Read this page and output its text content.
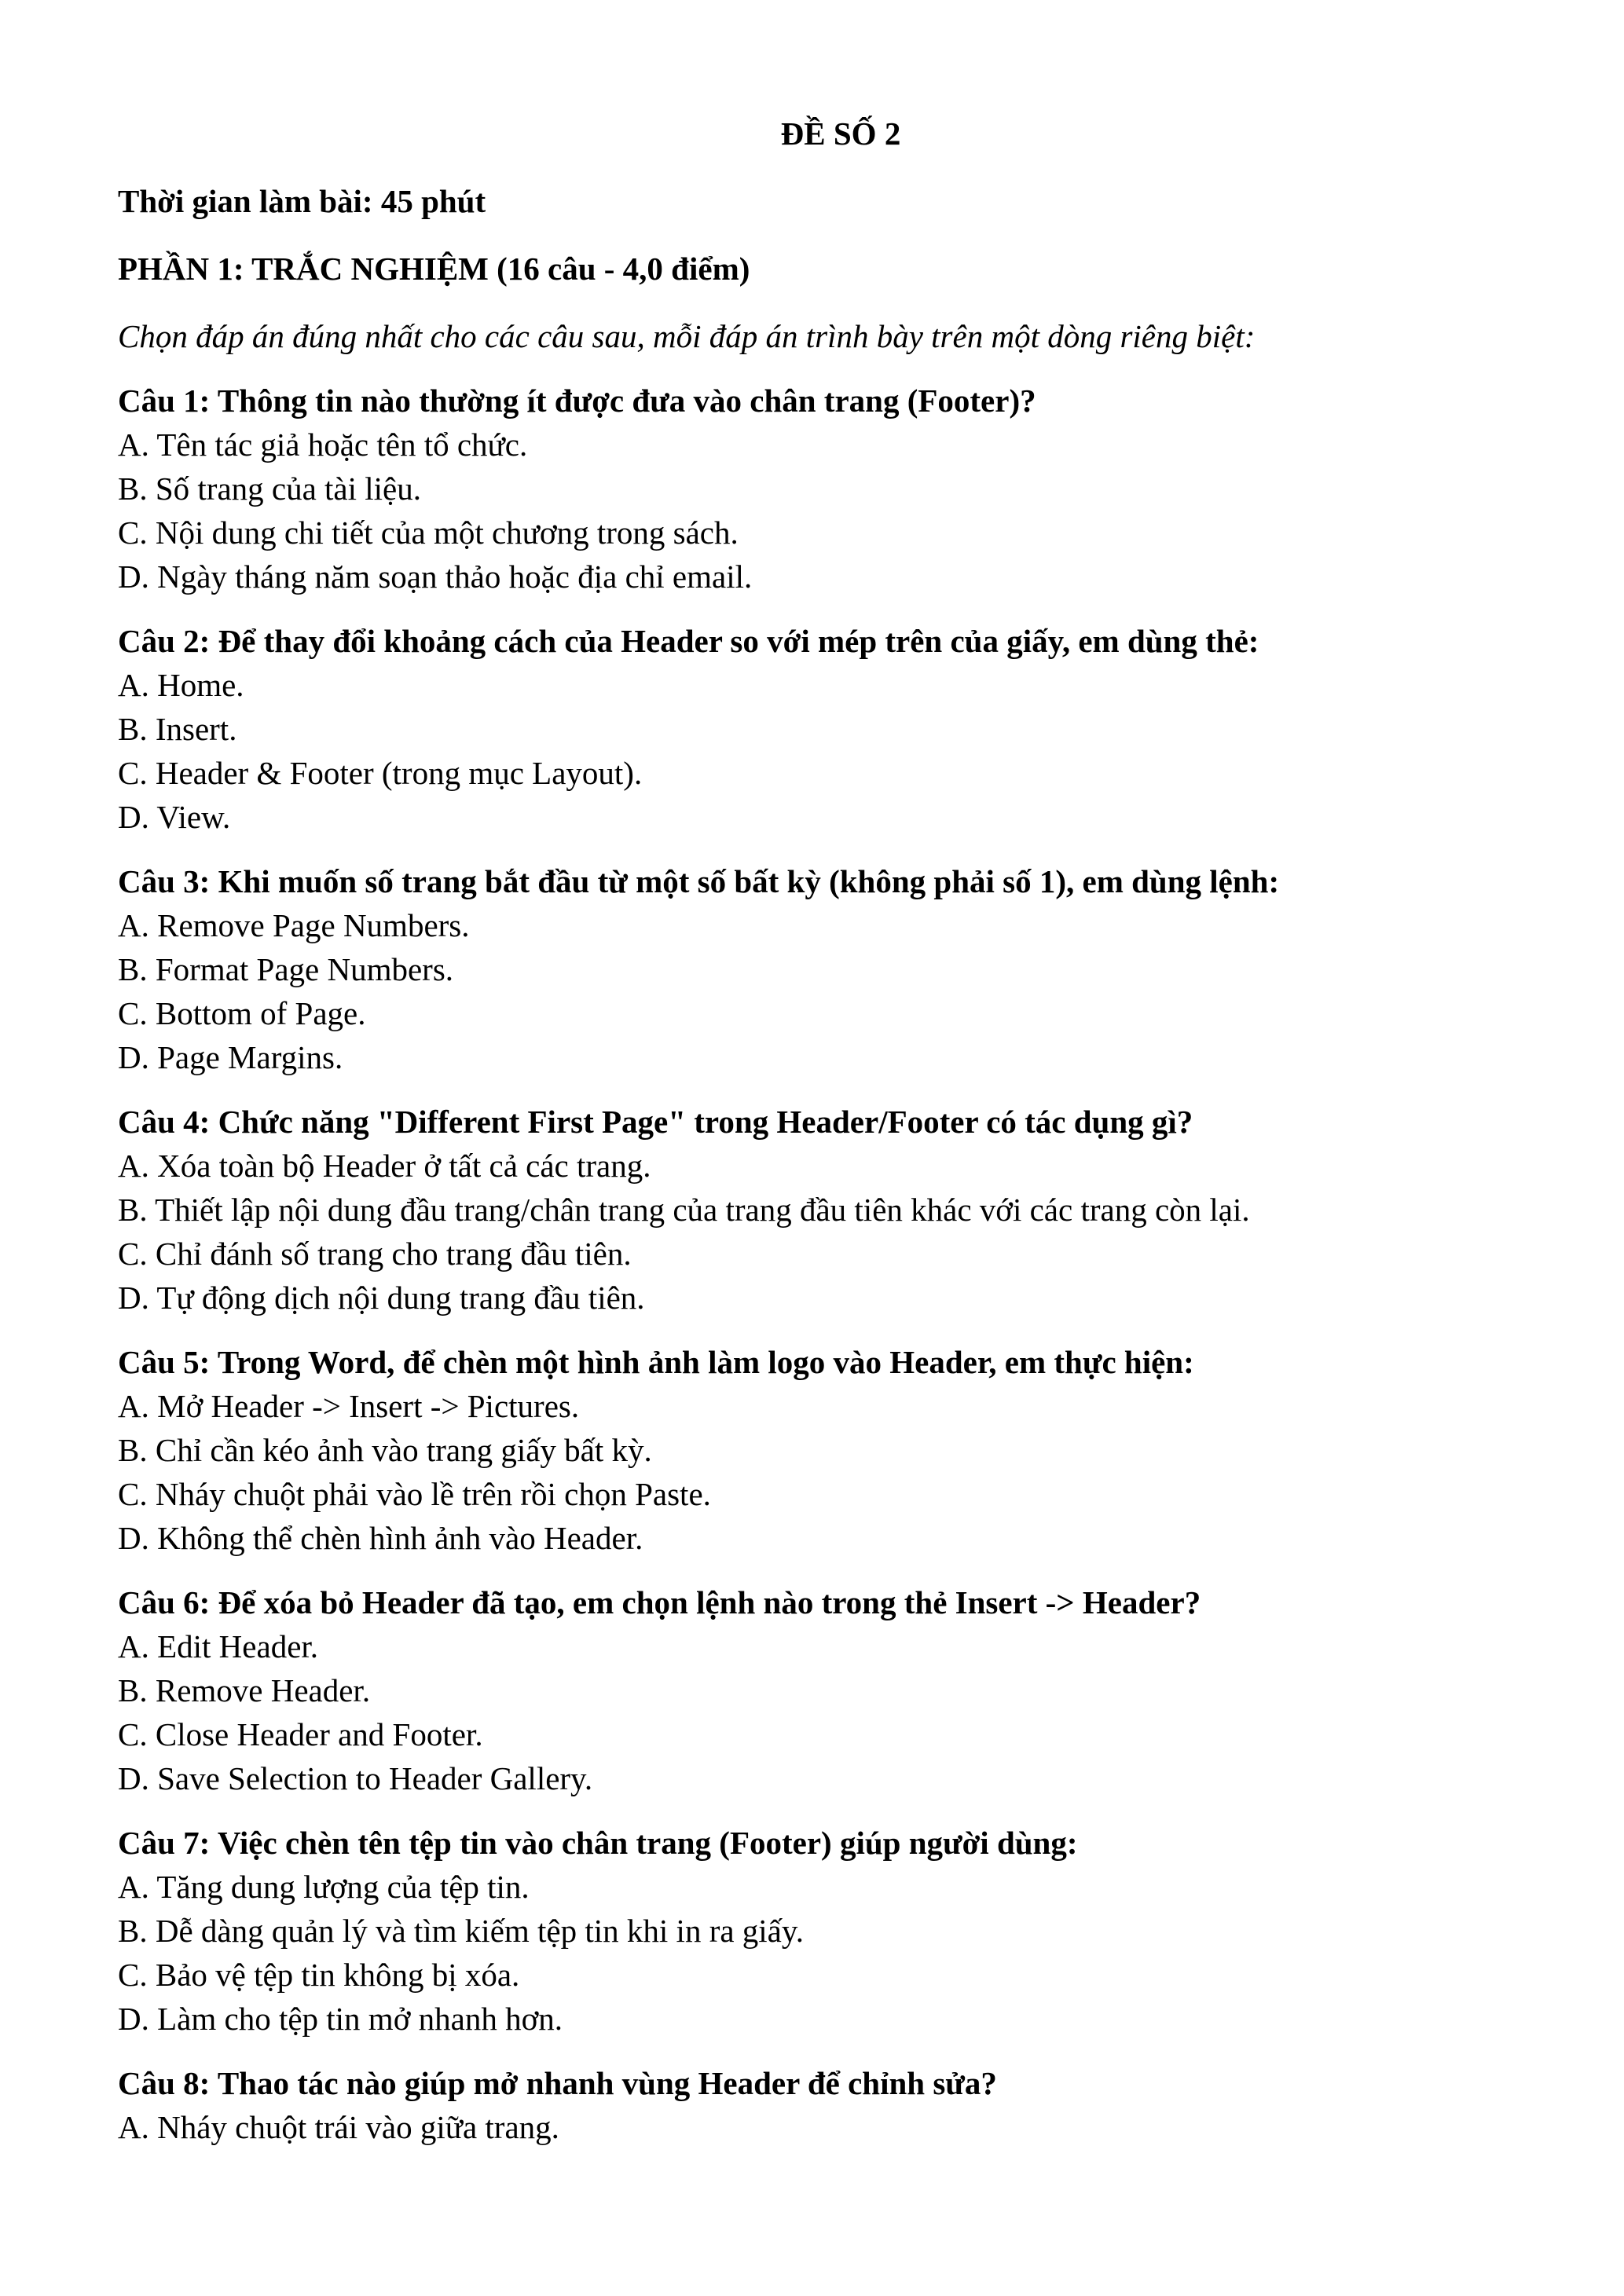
ĐỀ SỐ 2
Thời gian làm bài: 45 phút
PHẦN 1: TRẮC NGHIỆM (16 câu - 4,0 điểm)
Chọn đáp án đúng nhất cho các câu sau, mỗi đáp án trình bày trên một dòng riêng biệt:
Câu 1: Thông tin nào thường ít được đưa vào chân trang (Footer)?
A. Tên tác giả hoặc tên tổ chức.
B. Số trang của tài liệu.
C. Nội dung chi tiết của một chương trong sách.
D. Ngày tháng năm soạn thảo hoặc địa chỉ email.
Câu 2: Để thay đổi khoảng cách của Header so với mép trên của giấy, em dùng thẻ:
A. Home.
B. Insert.
C. Header & Footer (trong mục Layout).
D. View.
Câu 3: Khi muốn số trang bắt đầu từ một số bất kỳ (không phải số 1), em dùng lệnh:
A. Remove Page Numbers.
B. Format Page Numbers.
C. Bottom of Page.
D. Page Margins.
Câu 4: Chức năng "Different First Page" trong Header/Footer có tác dụng gì?
A. Xóa toàn bộ Header ở tất cả các trang.
B. Thiết lập nội dung đầu trang/chân trang của trang đầu tiên khác với các trang còn lại.
C. Chỉ đánh số trang cho trang đầu tiên.
D. Tự động dịch nội dung trang đầu tiên.
Câu 5: Trong Word, để chèn một hình ảnh làm logo vào Header, em thực hiện:
A. Mở Header -> Insert -> Pictures.
B. Chỉ cần kéo ảnh vào trang giấy bất kỳ.
C. Nháy chuột phải vào lề trên rồi chọn Paste.
D. Không thể chèn hình ảnh vào Header.
Câu 6: Để xóa bỏ Header đã tạo, em chọn lệnh nào trong thẻ Insert -> Header?
A. Edit Header.
B. Remove Header.
C. Close Header and Footer.
D. Save Selection to Header Gallery.
Câu 7: Việc chèn tên tệp tin vào chân trang (Footer) giúp người dùng:
A. Tăng dung lượng của tệp tin.
B. Dễ dàng quản lý và tìm kiếm tệp tin khi in ra giấy.
C. Bảo vệ tệp tin không bị xóa.
D. Làm cho tệp tin mở nhanh hơn.
Câu 8: Thao tác nào giúp mở nhanh vùng Header để chỉnh sửa?
A. Nháy chuột trái vào giữa trang.
